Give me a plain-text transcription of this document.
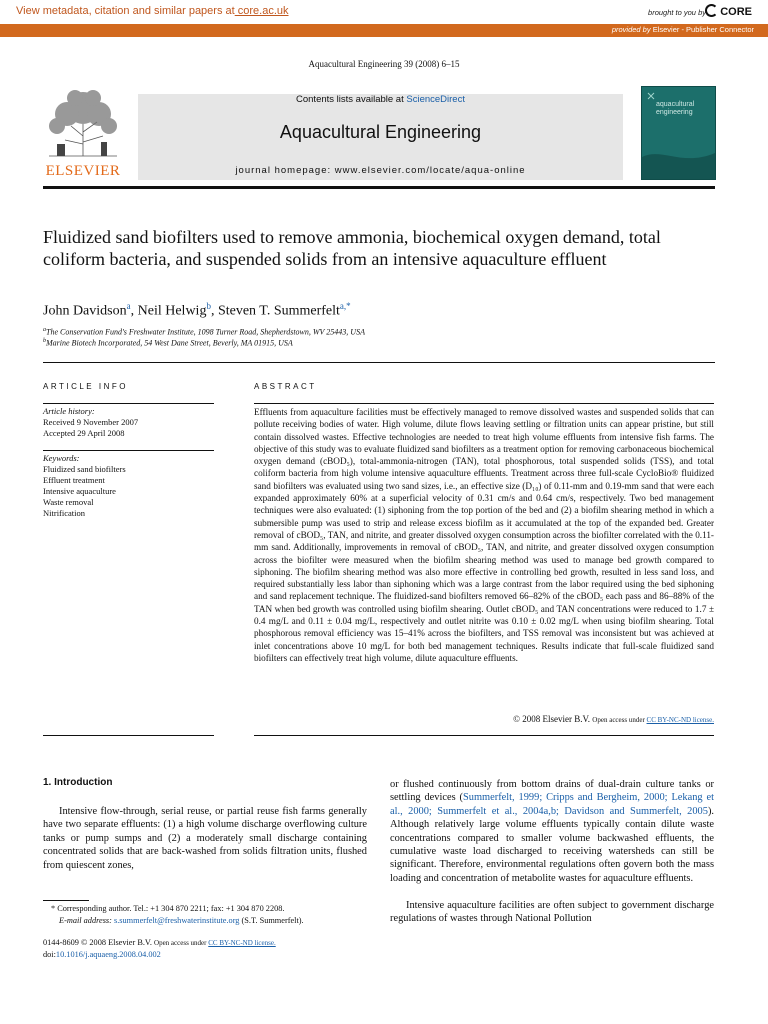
View metadata, citation and similar papers at core.ac.uk	brought to you by	CORE
provided by Elsevier - Publisher Connector
Aquacultural Engineering 39 (2008) 6–15
ELSEVIER
Contents lists available at ScienceDirect
Aquacultural Engineering
journal homepage: www.elsevier.com/locate/aqua-online
aquacultural
engineering
Fluidized sand biofilters used to remove ammonia, biochemical oxygen demand, total coliform bacteria, and suspended solids from an intensive aquaculture effluent
John Davidson$^a$, Neil Helwig$^b$, Steven T. Summerfelt$^{a,*}$
$^a$The Conservation Fund's Freshwater Institute, 1098 Turner Road, Shepherdstown, WV 25443, USA
$^b$Marine Biotech Incorporated, 54 West Dane Street, Beverly, MA 01915, USA
ARTICLE INFO
Article history:
Received 9 November 2007
Accepted 29 April 2008
Keywords:
Fluidized sand biofilters
Effluent treatment
Intensive aquaculture
Waste removal
Nitrification
ABSTRACT
Effluents from aquaculture facilities must be effectively managed to remove dissolved wastes and suspended solids that can pollute receiving bodies of water. High volume, dilute flows leaving settling or filtration units can appear pristine, but still contain dissolved wastes. Effective technologies are needed to treat high volume effluents from intensive fish farms. The objective of this study was to evaluate fluidized sand biofilters as a treatment option for removing carbonaceous biochemical oxygen demand (cBOD₅), total-ammonia-nitrogen (TAN), total phosphorous, total suspended solids (TSS), and total coliform bacteria from high volume intensive aquaculture effluents. Treatment across three full-scale CycloBio® fluidized sand biofilters was evaluated using two sand sizes, i.e., an effective size (D₁₀) of 0.11-mm and 0.19-mm sand that were each expanded approximately 60% at a superficial velocity of 0.31 cm/s and 0.64 cm/s, respectively. Two bed management techniques were also evaluated: (1) siphoning from the top portion of the bed and (2) a biofilm shearing method in which a submersible pump was used to strip and release excess biofilm as it accumulated at the top of the expanded bed. Greater removal of cBOD₅, TAN, and nitrite, and greater dissolved oxygen consumption across the biofilter correlated with the 0.11-mm sand. Additionally, improvements in removal of cBOD₅, TAN, and nitrite, and greater dissolved oxygen consumption across the biofilter were measured when the biofilm shearing method was used to manage bed growth compared to siphoning. The biofilm shearing method was also more effective in controlling bed growth, resulted in less sand loss, and required substantially less labor than siphoning which was a large contrast from the labor required using the bed siphoning and sand replacement technique. The fluidized-sand biofilters removed 66–82% of the cBOD₅ each pass and 86–88% of the TAN when bed growth was controlled using biofilm shearing. Outlet cBOD₅ and TAN concentrations were reduced to 1.7 ± 0.4 mg/L and 0.11 ± 0.04 mg/L, respectively and outlet nitrite was 0.10 ± 0.02 mg/L when using biofilm shearing. Total phosphorous removal efficiency was 15–41% across the biofilters, and TSS removal was inconsistent but was achieved at inlet concentrations above 10 mg/L for both bed management techniques. Results indicate that full-scale fluidized sand biofilters can effectively treat high volume, dilute aquaculture effluents.
© 2008 Elsevier B.V. Open access under CC BY-NC-ND license.
1. Introduction
Intensive flow-through, serial reuse, or partial reuse fish farms generally have two separate effluents: (1) a high volume discharge overflowing culture tanks or pump sumps and (2) a moderately small discharge containing concentrated solids that are back-washed from solids filtration units, flushed from quiescent zones,
or flushed continuously from bottom drains of dual-drain culture tanks or settling devices (Summerfelt, 1999; Cripps and Bergheim, 2000; Lekang et al., 2000; Summerfelt et al., 2004a,b; Davidson and Summerfelt, 2005). Although relatively large volume effluents typically contain dilute waste concentrations compared to smaller volume backwashed effluents, the cumulative waste load discharged to receiving watersheds can still be significant. Therefore, environmental regulations often govern both the mass loading and concentration of metabolite wastes for aquaculture effluents.
Intensive aquaculture facilities are often subject to government discharge regulations of wastes through National Pollution
* Corresponding author. Tel.: +1 304 870 2211; fax: +1 304 870 2208.
E-mail address: s.summerfelt@freshwaterinstitute.org (S.T. Summerfelt).
0144-8609 © 2008 Elsevier B.V. Open access under CC BY-NC-ND license.
doi:10.1016/j.aquaeng.2008.04.002
